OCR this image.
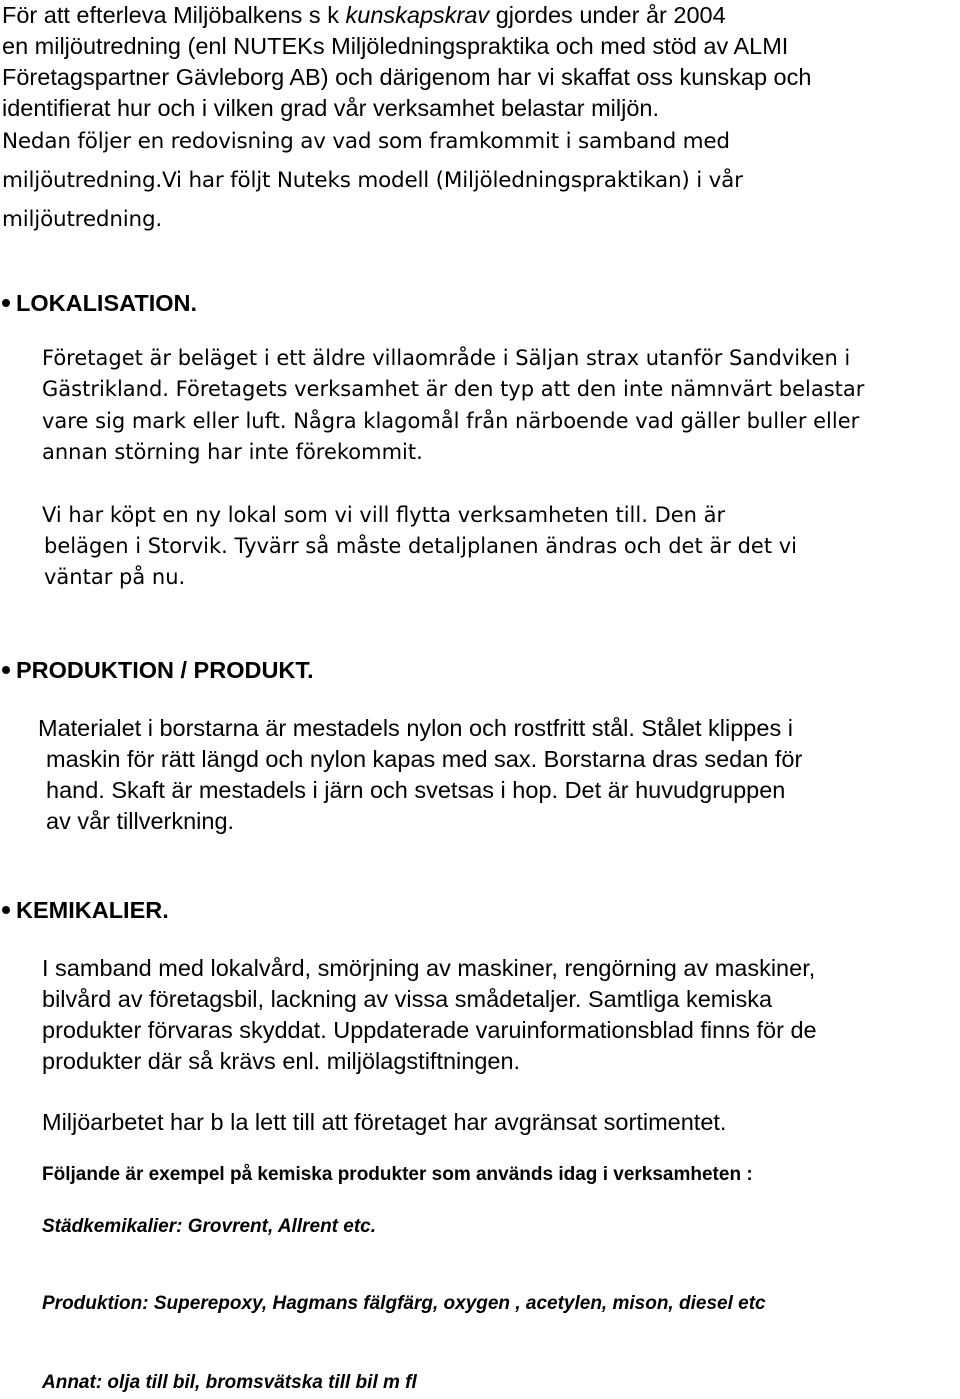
För att efterleva Miljöbalkens s k kunskapskrav gjordes under år 2004
en miljöutredning (enl NUTEKs Miljöledningspraktika och med stöd av ALMI
Företagspartner Gävleborg AB) och därigenom har vi skaffat oss kunskap och
identifierat hur och i vilken grad vår verksamhet belastar miljön.
Nedan följer en redovisning av vad som framkommit i samband med
miljöutredning.Vi har följt Nuteks modell (Miljöledningspraktikan) i vår
miljöutredning.
LOKALISATION.
Företaget är beläget i ett äldre villaområde i Säljan strax utanför Sandviken i
Gästrikland. Företagets verksamhet är den typ att den inte nämnvärt belastar
vare sig mark eller luft. Några klagomål från närboende vad gäller buller eller
annan störning har inte förekommit.
Vi har köpt en ny lokal som vi vill flytta verksamheten till. Den är
belägen i Storvik. Tyvärr så måste detaljplanen ändras och det är det vi
väntar på nu.
PRODUKTION / PRODUKT.
Materialet i borstarna är mestadels nylon och rostfritt stål. Stålet klippes i
maskin för rätt längd och nylon kapas med sax. Borstarna dras sedan för
hand. Skaft är mestadels i järn och svetsas i hop. Det är huvudgruppen
av vår tillverkning.
KEMIKALIER.
I samband med lokalvård, smörjning av maskiner, rengörning av maskiner,
bilvård av företagsbil, lackning av vissa smådetaljer. Samtliga kemiska
produkter förvaras skyddat. Uppdaterade varuinformationsblad finns för de
produkter där så krävs enl. miljölagstiftningen.
Miljöarbetet har b la lett till att företaget har avgränsat sortimentet.
Följande är exempel på kemiska produkter som används idag i verksamheten :
Städkemikalier: Grovrent, Allrent etc.
Produktion: Superepoxy, Hagmans fälgfärg, oxygen , acetylen, mison, diesel etc
Annat: olja till bil, bromsvätska till bil m fl
